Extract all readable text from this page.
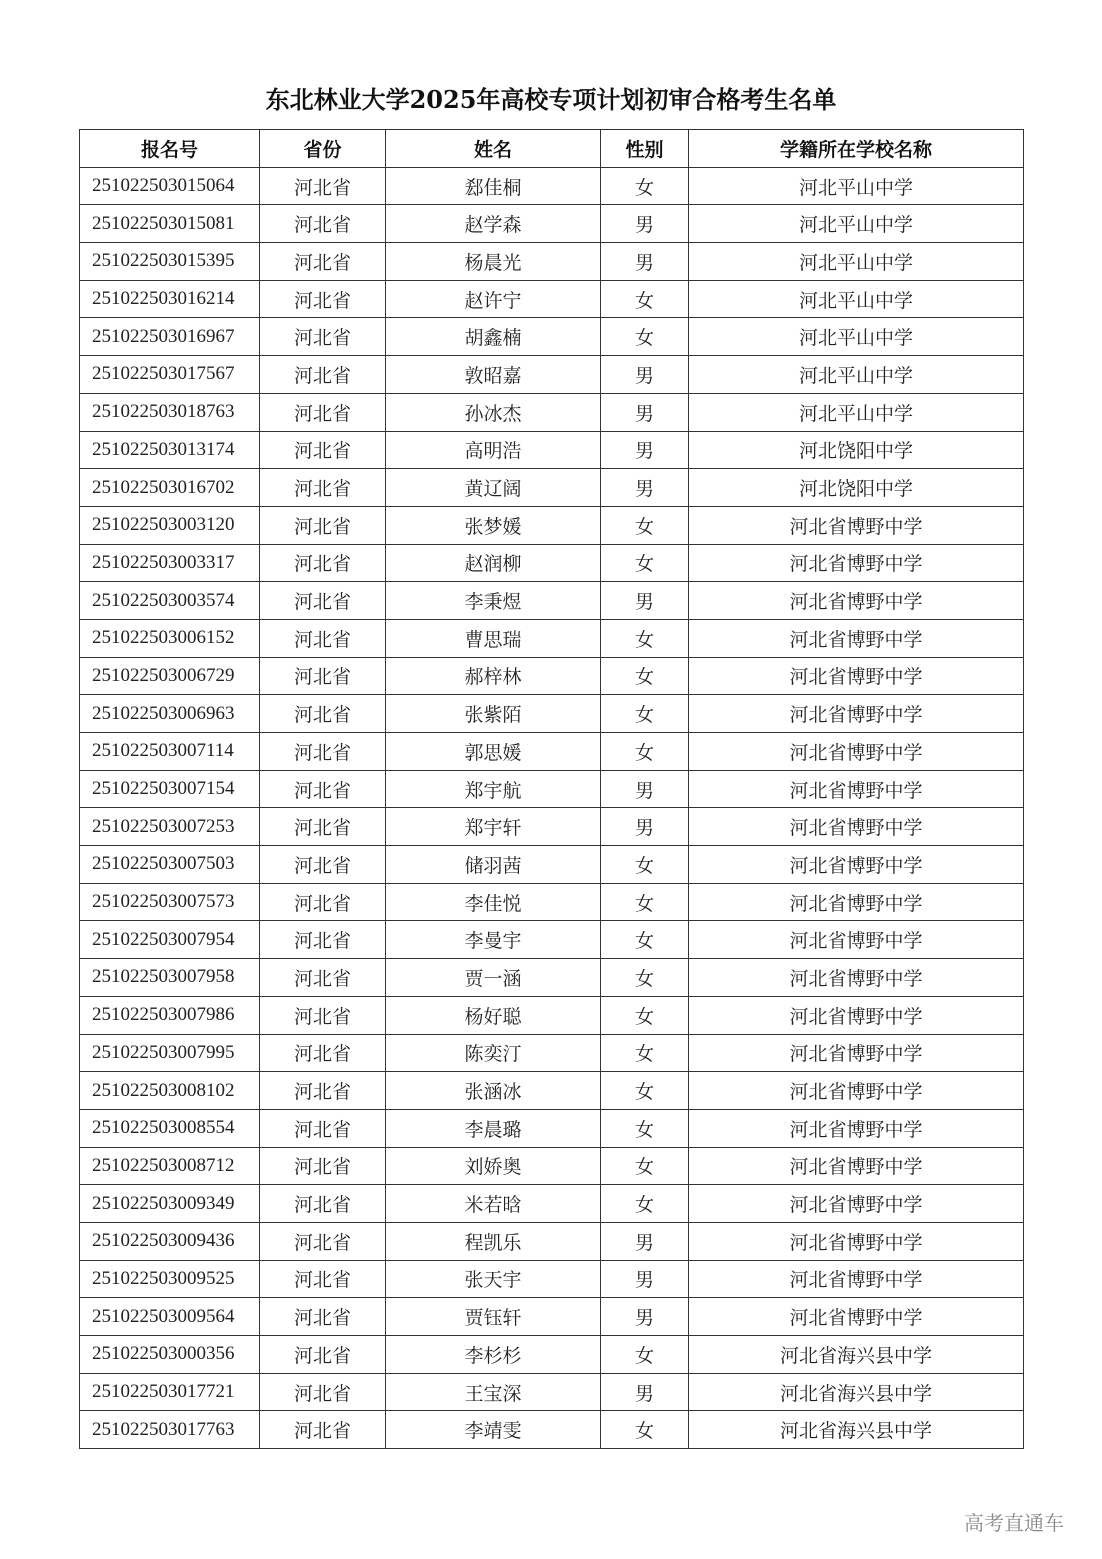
东北林业大学2025年高校专项计划初审合格考生名单
报名号	省份	姓名	性别	学籍所在学校名称
251022503015064	河北省	郄佳桐	女	河北平山中学
251022503015081	河北省	赵学森	男	河北平山中学
251022503015395	河北省	杨晨光	男	河北平山中学
251022503016214	河北省	赵许宁	女	河北平山中学
251022503016967	河北省	胡鑫楠	女	河北平山中学
251022503017567	河北省	敦昭嘉	男	河北平山中学
251022503018763	河北省	孙冰杰	男	河北平山中学
251022503013174	河北省	高明浩	男	河北饶阳中学
251022503016702	河北省	黄辽阔	男	河北饶阳中学
251022503003120	河北省	张梦媛	女	河北省博野中学
251022503003317	河北省	赵润柳	女	河北省博野中学
251022503003574	河北省	李秉煜	男	河北省博野中学
251022503006152	河北省	曹思瑞	女	河北省博野中学
251022503006729	河北省	郝梓林	女	河北省博野中学
251022503006963	河北省	张紫陌	女	河北省博野中学
251022503007114	河北省	郭思媛	女	河北省博野中学
251022503007154	河北省	郑宇航	男	河北省博野中学
251022503007253	河北省	郑宇轩	男	河北省博野中学
251022503007503	河北省	储羽茜	女	河北省博野中学
251022503007573	河北省	李佳悦	女	河北省博野中学
251022503007954	河北省	李曼宇	女	河北省博野中学
251022503007958	河北省	贾一涵	女	河北省博野中学
251022503007986	河北省	杨好聪	女	河北省博野中学
251022503007995	河北省	陈奕汀	女	河北省博野中学
251022503008102	河北省	张涵冰	女	河北省博野中学
251022503008554	河北省	李晨璐	女	河北省博野中学
251022503008712	河北省	刘娇奥	女	河北省博野中学
251022503009349	河北省	米若晗	女	河北省博野中学
251022503009436	河北省	程凯乐	男	河北省博野中学
251022503009525	河北省	张天宇	男	河北省博野中学
251022503009564	河北省	贾钰轩	男	河北省博野中学
251022503000356	河北省	李杉杉	女	河北省海兴县中学
251022503017721	河北省	王宝深	男	河北省海兴县中学
251022503017763	河北省	李靖雯	女	河北省海兴县中学
高考直通车
